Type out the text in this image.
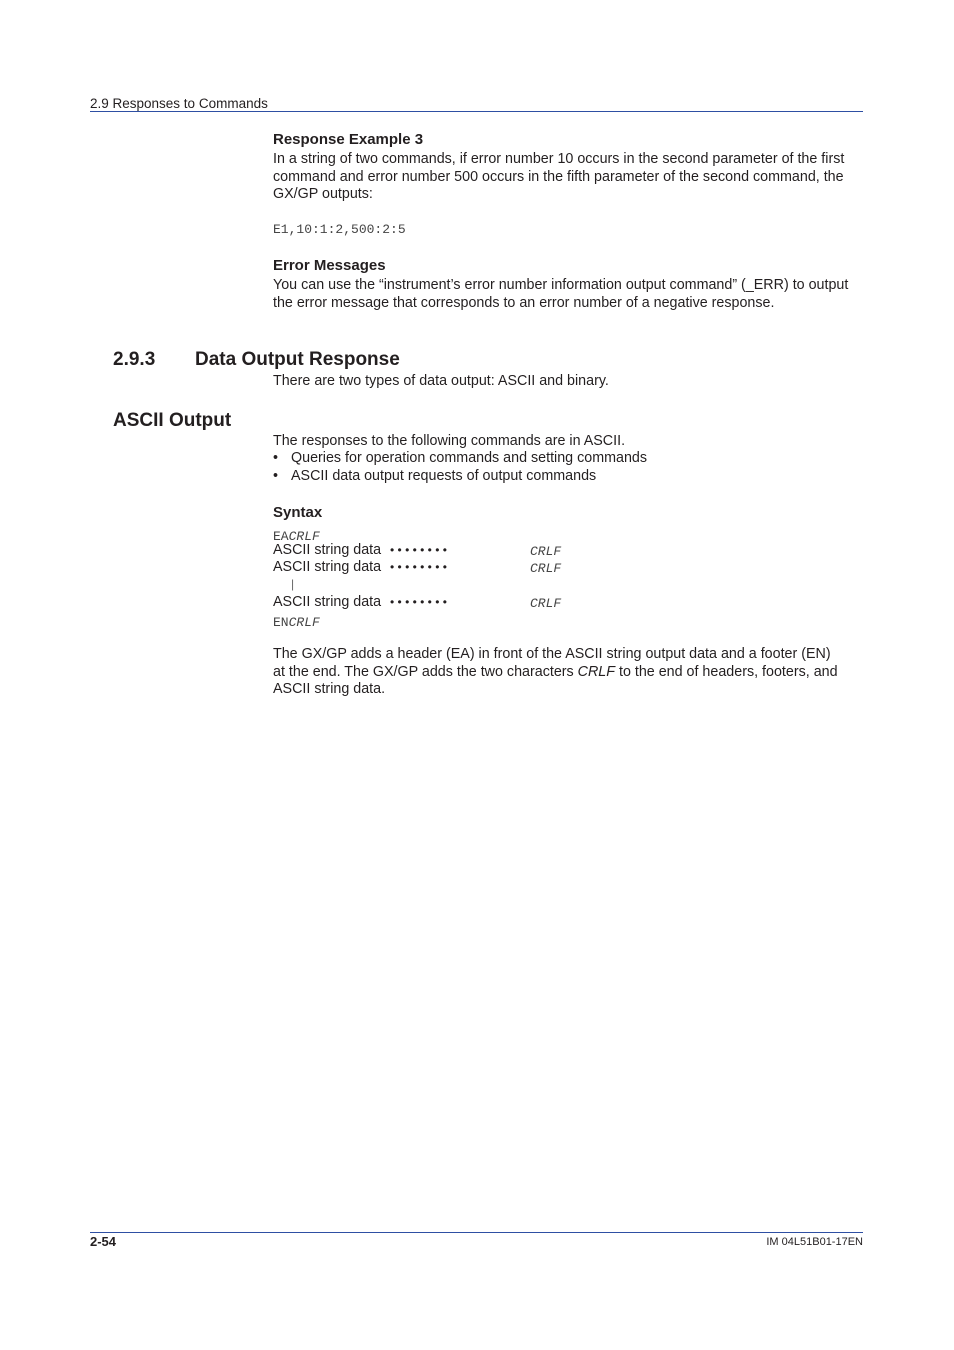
2.9 Responses to Commands
Response Example 3
In a string of two commands, if error number 10 occurs in the second parameter of the first
command and error number 500 occurs in the fifth parameter of the second command, the
GX/GP outputs:
E1,10:1:2,500:2:5
Error Messages
You can use the “instrument’s error number information output command” (_ERR) to output
the error message that corresponds to an error number of a negative response.
2.9.3 Data Output Response
There are two types of data output: ASCII and binary.
ASCII Output
The responses to the following commands are in ASCII.
• Queries for operation commands and setting commands
• ASCII data output requests of output commands
Syntax
EACRLF
ASCII string data • • • • • • • •	CRLF
ASCII string data • • • • • • • •	CRLF
|
ASCII string data • • • • • • • •	CRLF
ENCRLF
The GX/GP adds a header (EA) in front of the ASCII string output data and a footer (EN)
at the end. The GX/GP adds the two characters CRLF to the end of headers, footers, and
ASCII string data.
2-54	IM 04L51B01-17EN
